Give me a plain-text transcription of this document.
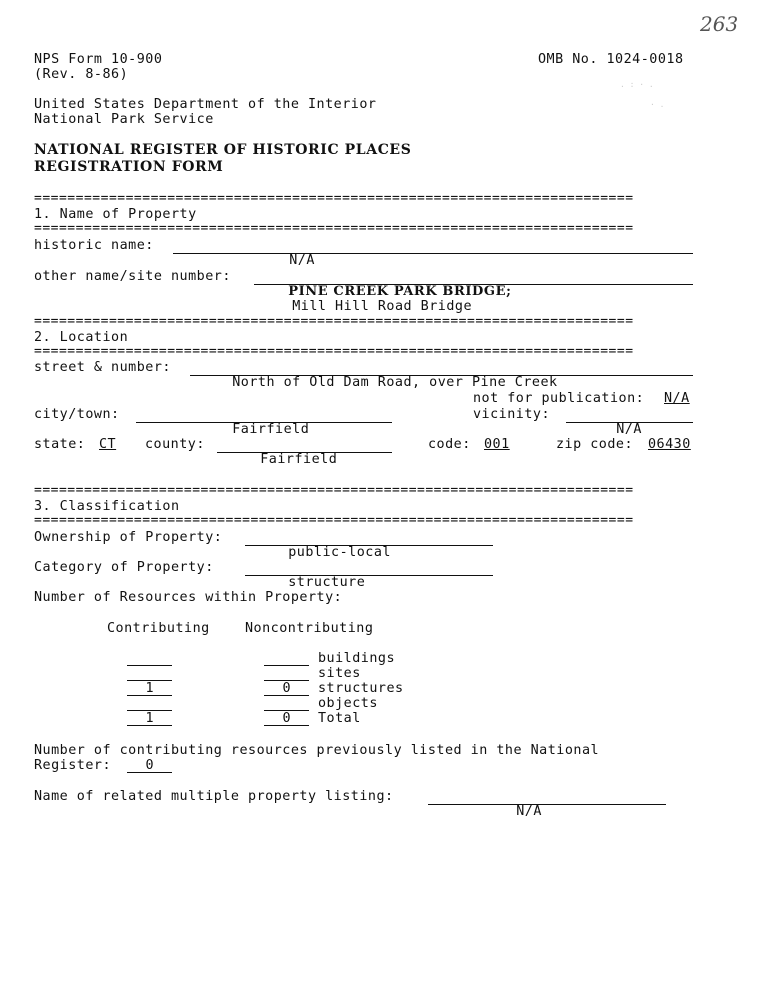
263
. : · .
· .
NPS Form 10-900
(Rev. 8-86)
OMB No. 1024-0018
United States Department of the Interior
National Park Service
NATIONAL REGISTER OF HISTORIC PLACES
REGISTRATION FORM
========================================================================
1. Name of Property
========================================================================
historic name:

N/A

other name/site number:

PINE CREEK PARK BRIDGE;
Mill Hill Road Bridge

========================================================================
2. Location
========================================================================
street & number:

North of Old Dam Road, over Pine Creek

not for publication: N/A
city/town:

Fairfield

vicinity:

N/A

state: CT county:

Fairfield

code: 001	zip code: 06430
========================================================================
3. Classification
========================================================================
Ownership of Property:

public-local

Category of Property:

structure

Number of Resources within Property:
Contributing	Noncontributing
buildings
sites
1	0	structures
objects
1	0	Total
Number of contributing resources previously listed in the National
Register:	0
Name of related multiple property listing:

N/A
